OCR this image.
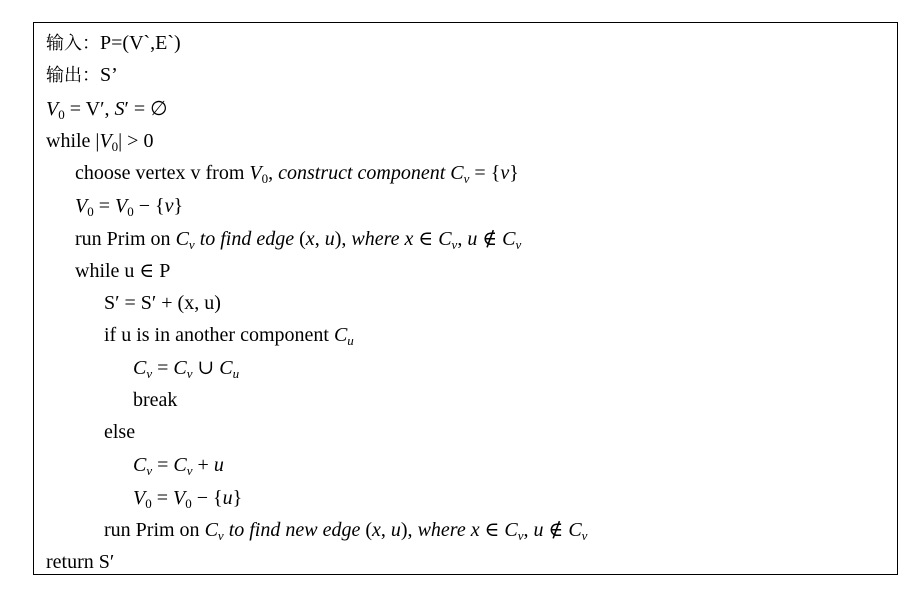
输入：P=(V`,E`)
输出：S’
$V_0 = V'$, S′ = ∅
while $|V_0| > 0$
choose vertex v from $V_0$, construct component $C_v = \{v\}$
$V_0 = V_0 - \{v\}$
run Prim on $C_v$ to find edge (x, u), where x ∈ $C_v$, u ∉ $C_v$
while u ∈ P
S′ = S′ + (x, u)
if u is in another component $C_u$
$C_v = C_v$ ∪ $C_u$
break
else
$C_v = C_v + u$
$V_0 = V_0 - \{u\}$
run Prim on $C_v$ to find new edge (x, u), where x ∈ $C_v$, u ∉ $C_v$
return S′
